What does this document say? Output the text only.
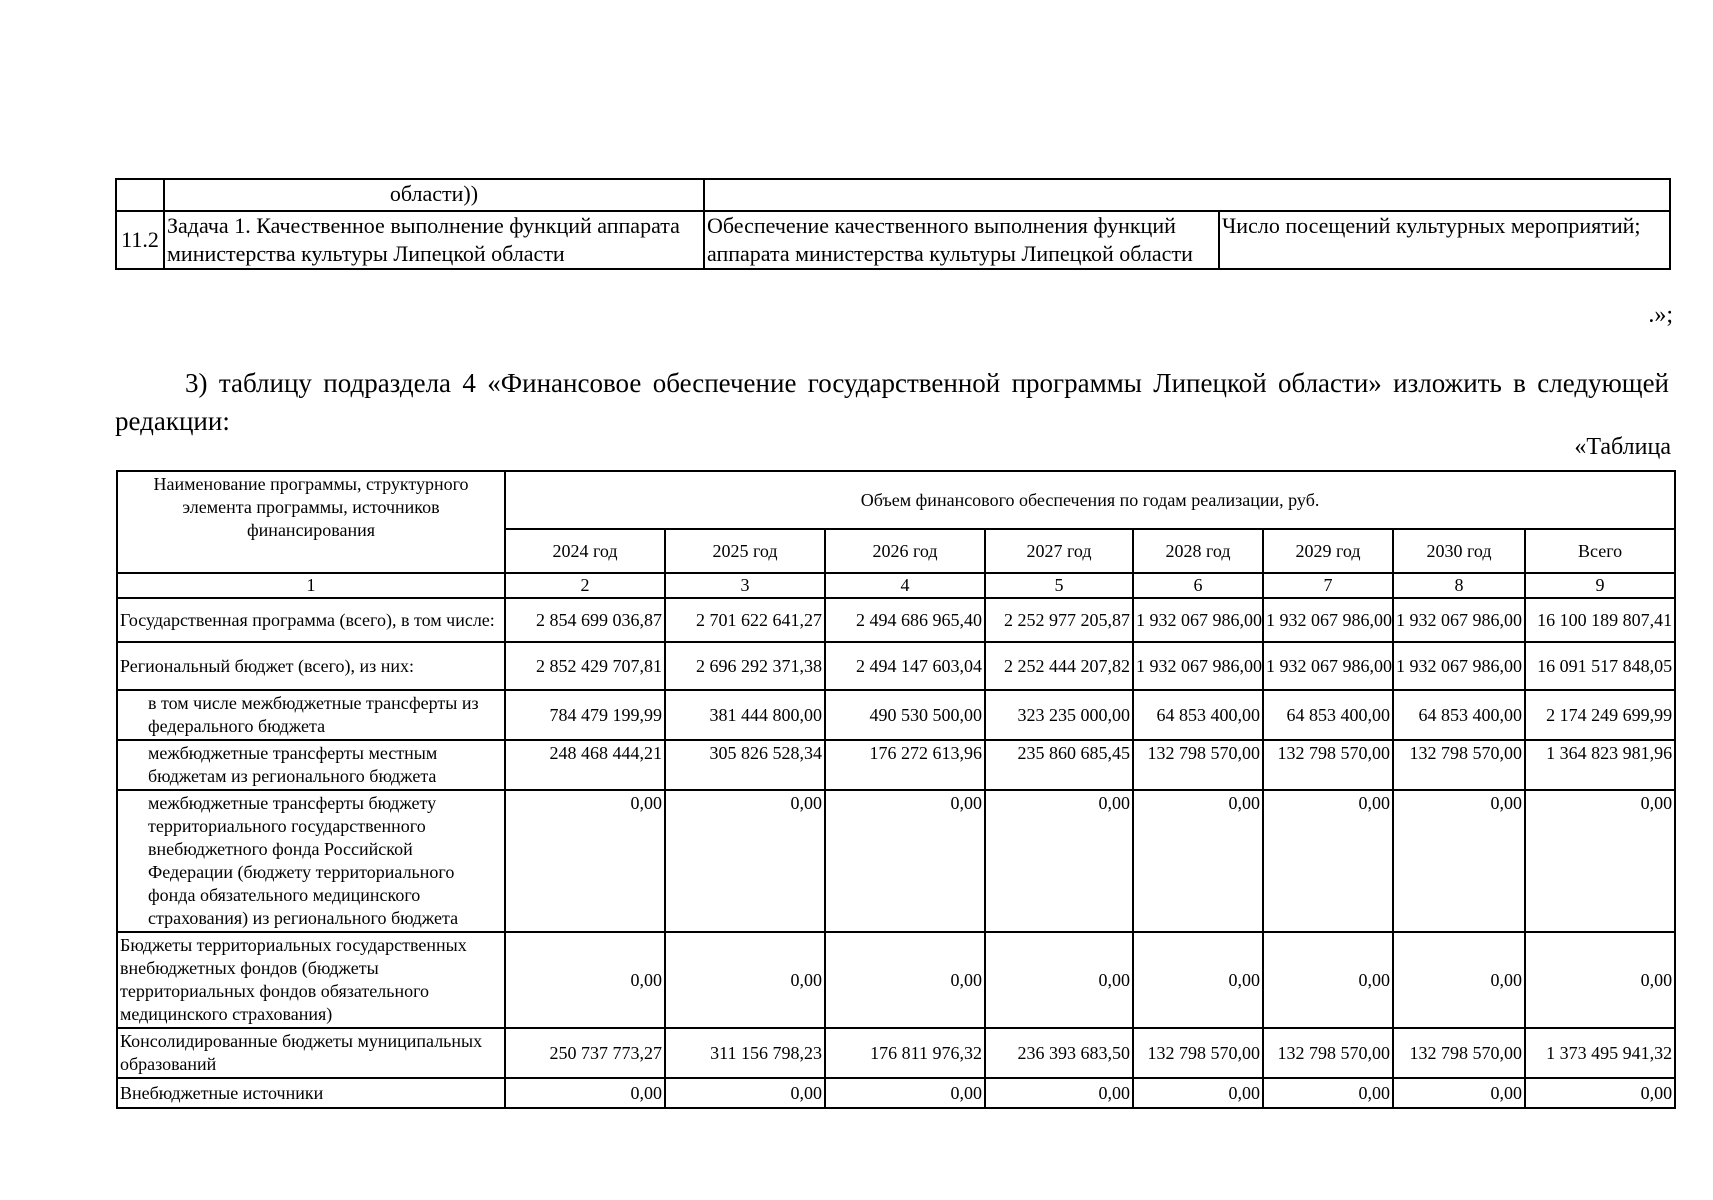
	области))		
11.2	Задача 1. Качественное выполнение функций аппарата министерства культуры Липецкой области	Обеспечение качественного выполнения функций аппарата министерства культуры Липецкой области	Число посещений культурных мероприятий;
.»;
3) таблицу подраздела 4 «Финансовое обеспечение государственной программы Липецкой области» изложить в следующей редакции:
«Таблица
Наименование программы, структурного элемента программы, источников финансирования	Объем финансового обеспечения по годам реализации, руб.							
	2024 год	2025 год	2026 год	2027 год	2028 год	2029 год	2030 год	Всего
1	2	3	4	5	6	7	8	9
Государственная программа (всего), в том числе:	2 854 699 036,87	2 701 622 641,27	2 494 686 965,40	2 252 977 205,87	1 932 067 986,00	1 932 067 986,00	1 932 067 986,00	16 100 189 807,41
Региональный бюджет (всего), из них:	2 852 429 707,81	2 696 292 371,38	2 494 147 603,04	2 252 444 207,82	1 932 067 986,00	1 932 067 986,00	1 932 067 986,00	16 091 517 848,05
в том числе межбюджетные трансферты из федерального бюджета	784 479 199,99	381 444 800,00	490 530 500,00	323 235 000,00	64 853 400,00	64 853 400,00	64 853 400,00	2 174 249 699,99
межбюджетные трансферты местным бюджетам из регионального бюджета	248 468 444,21	305 826 528,34	176 272 613,96	235 860 685,45	132 798 570,00	132 798 570,00	132 798 570,00	1 364 823 981,96
межбюджетные трансферты бюджету территориального государственного внебюджетного фонда Российской Федерации (бюджету территориального фонда обязательного медицинского страхования) из регионального бюджета	0,00	0,00	0,00	0,00	0,00	0,00	0,00	0,00
Бюджеты территориальных государственных внебюджетных фондов (бюджеты территориальных фондов обязательного медицинского страхования)	0,00	0,00	0,00	0,00	0,00	0,00	0,00	0,00
Консолидированные бюджеты муниципальных образований	250 737 773,27	311 156 798,23	176 811 976,32	236 393 683,50	132 798 570,00	132 798 570,00	132 798 570,00	1 373 495 941,32
Внебюджетные источники	0,00	0,00	0,00	0,00	0,00	0,00	0,00	0,00
